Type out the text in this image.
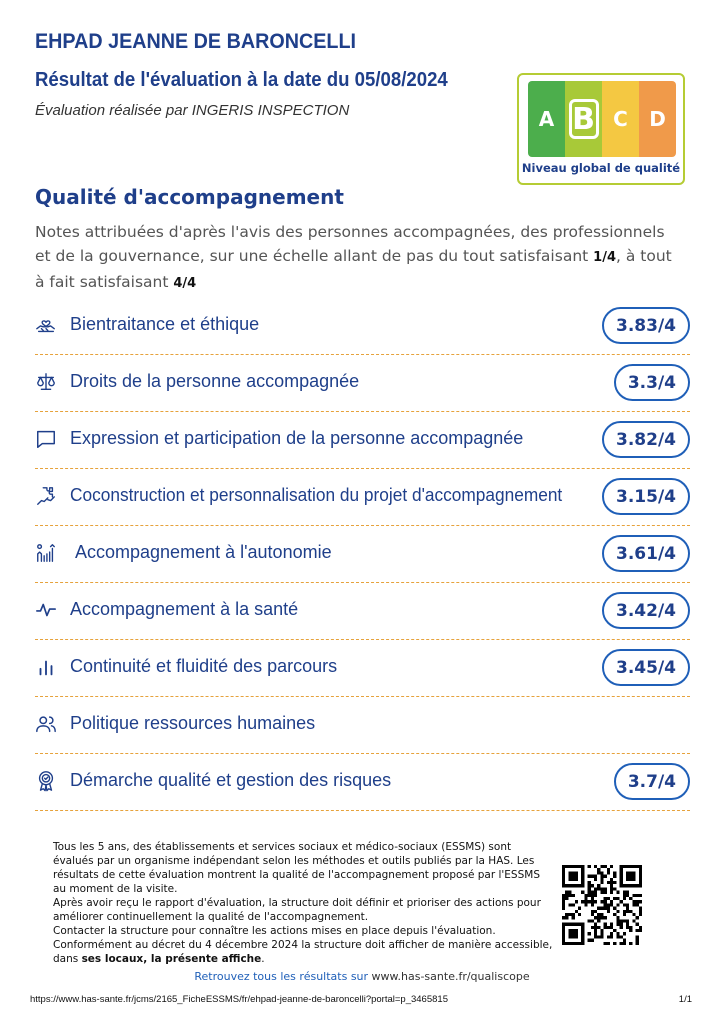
EHPAD JEANNE DE BARONCELLI
Résultat de l'évaluation à la date du 05/08/2024
Évaluation réalisée par INGERIS INSPECTION	A B C D
Niveau global de qualité
Qualité d'accompagnement
Notes attribuées d'après l'avis des personnes accompagnées, des professionnels et de la gouvernance, sur une échelle allant de pas du tout satisfaisant 1/4, à tout à fait satisfaisant 4/4
Bientraitance et éthique	3.83/4
Droits de la personne accompagnée	3.3/4
Expression et participation de la personne accompagnée	3.82/4
Coconstruction et personnalisation du projet d'accompagnement	3.15/4
Accompagnement à l'autonomie	3.61/4
Accompagnement à la santé	3.42/4
Continuité et fluidité des parcours	3.45/4
Politique ressources humaines
Démarche qualité et gestion des risques	3.7/4

Tous les 5 ans, des établissements et services sociaux et médico-sociaux (ESSMS) sont évalués par un organisme indépendant selon les méthodes et outils publiés par la HAS. Les résultats de cette évaluation montrent la qualité de l'accompagnement proposé par l'ESSMS au moment de la visite.

Après avoir reçu le rapport d'évaluation, la structure doit définir et prioriser des actions pour améliorer continuellement la qualité de l'accompagnement.

Contacter la structure pour connaître les actions mises en place depuis l'évaluation.

Conformément au décret du 4 décembre 2024 la structure doit afficher de manière accessible, dans ses locaux, la présente affiche.

Retrouvez tous les résultats sur www.has-sante.fr/qualiscope
https://www.has-sante.fr/jcms/2165_FicheESSMS/fr/ehpad-jeanne-de-baroncelli?portal=p_3465815	1/1
